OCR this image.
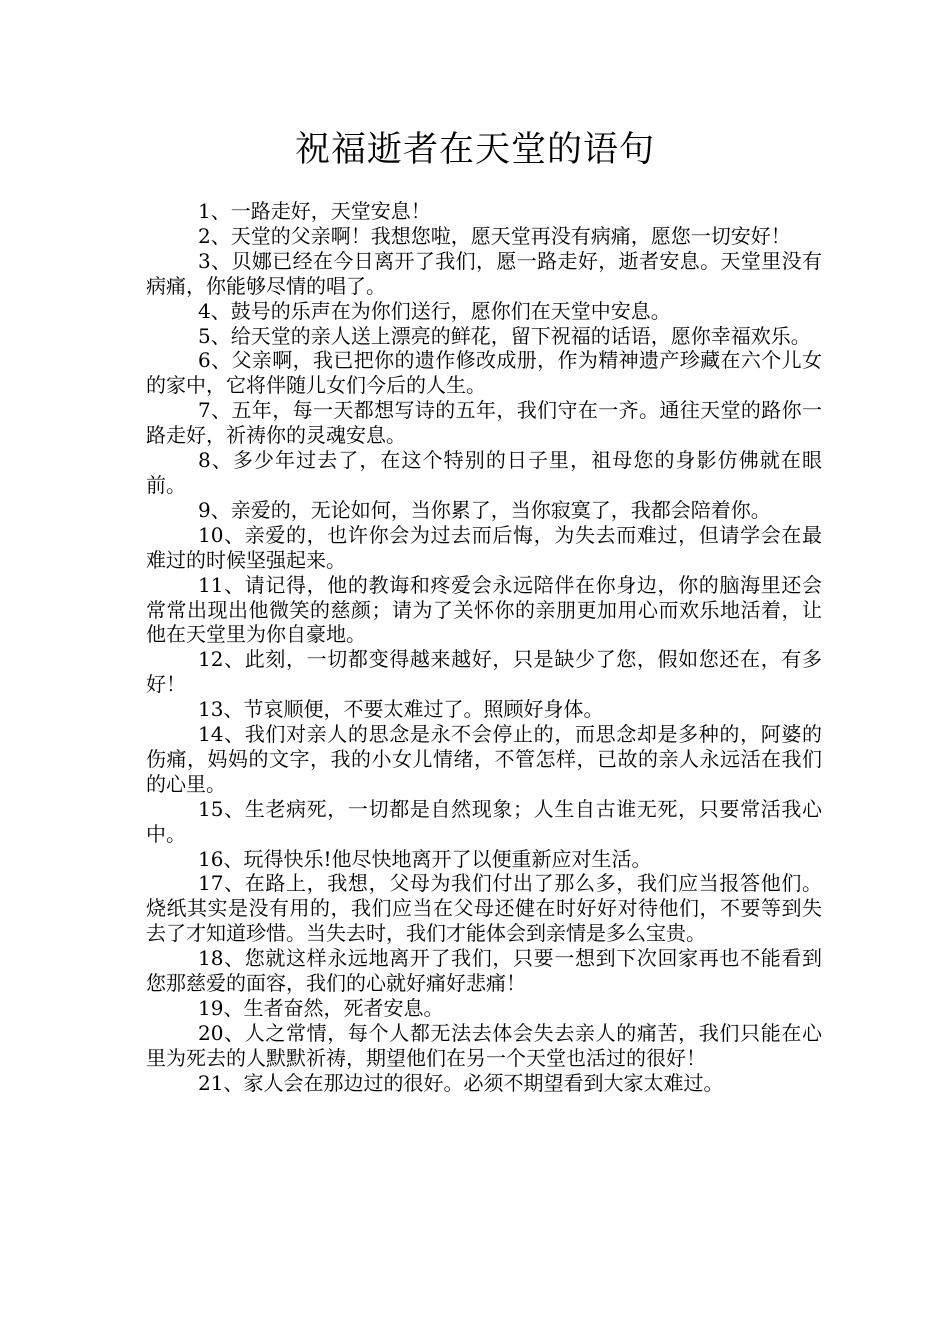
祝福逝者在天堂的语句

1、一路走好，天堂安息！

2、天堂的父亲啊！我想您啦，愿天堂再没有病痛，愿您一切安好！

3、贝娜已经在今日离开了我们，愿一路走好，逝者安息。天堂里没有病痛，你能够尽情的唱了。

4、鼓号的乐声在为你们送行，愿你们在天堂中安息。

5、给天堂的亲人送上漂亮的鲜花，留下祝福的话语，愿你幸福欢乐。

6、父亲啊，我已把你的遗作修改成册，作为精神遗产珍藏在六个儿女的家中，它将伴随儿女们今后的人生。

7、五年，每一天都想写诗的五年，我们守在一齐。通往天堂的路你一路走好，祈祷你的灵魂安息。

8、多少年过去了，在这个特别的日子里，祖母您的身影仿佛就在眼前。

9、亲爱的，无论如何，当你累了，当你寂寞了，我都会陪着你。

10、亲爱的，也许你会为过去而后悔，为失去而难过，但请学会在最难过的时候坚强起来。

11、请记得，他的教诲和疼爱会永远陪伴在你身边，你的脑海里还会常常出现出他微笑的慈颜；请为了关怀你的亲朋更加用心而欢乐地活着，让他在天堂里为你自豪地。

12、此刻，一切都变得越来越好，只是缺少了您，假如您还在，有多好！

13、节哀顺便，不要太难过了。照顾好身体。

14、我们对亲人的思念是永不会停止的，而思念却是多种的，阿婆的伤痛，妈妈的文字，我的小女儿情绪，不管怎样，已故的亲人永远活在我们的心里。

15、生老病死，一切都是自然现象；人生自古谁无死，只要常活我心中。

16、玩得快乐!他尽快地离开了以便重新应对生活。

17、在路上，我想，父母为我们付出了那么多，我们应当报答他们。烧纸其实是没有用的，我们应当在父母还健在时好好对待他们，不要等到失去了才知道珍惜。当失去时，我们才能体会到亲情是多么宝贵。

18、您就这样永远地离开了我们，只要一想到下次回家再也不能看到您那慈爱的面容，我们的心就好痛好悲痛！

19、生者奋然，死者安息。

20、人之常情，每个人都无法去体会失去亲人的痛苦，我们只能在心里为死去的人默默祈祷，期望他们在另一个天堂也活过的很好！

21、家人会在那边过的很好。必须不期望看到大家太难过。
